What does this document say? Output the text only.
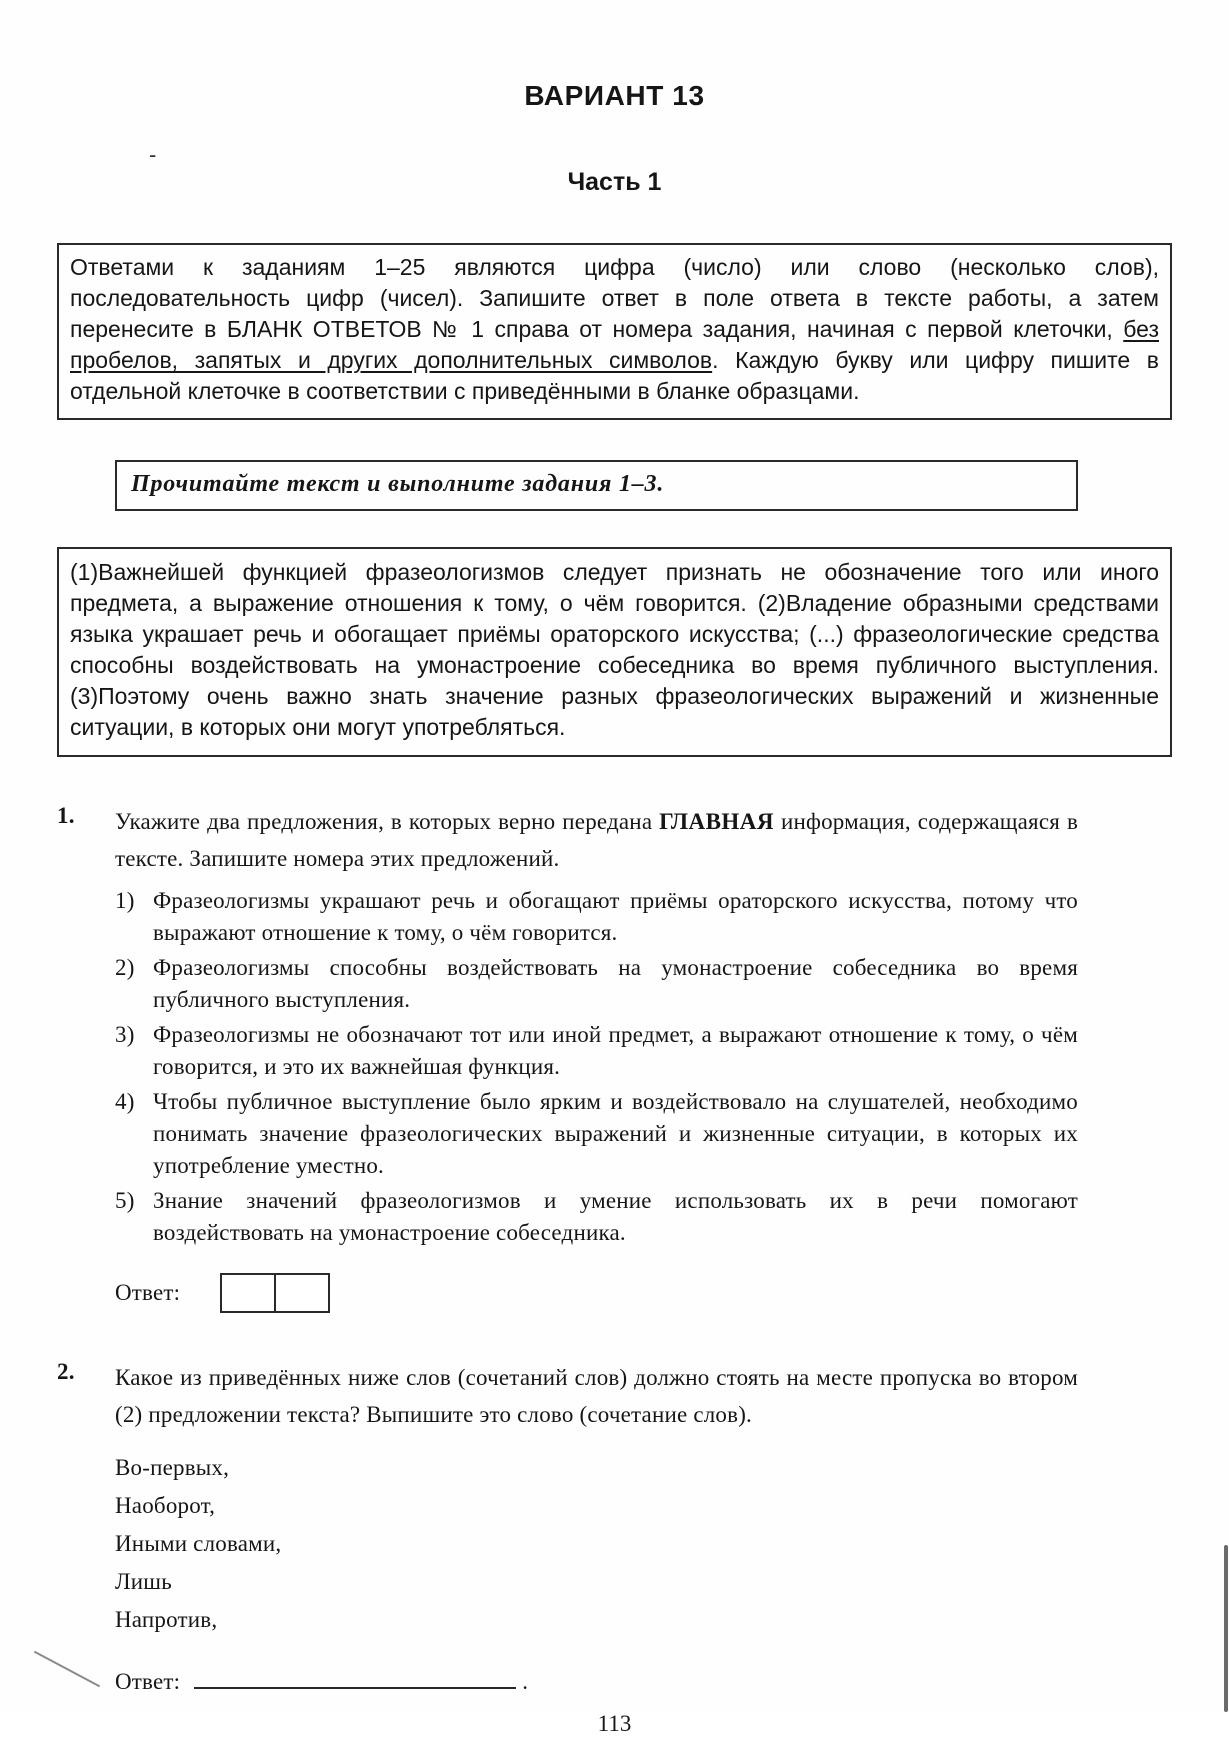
ВАРИАНТ 13
-
Часть 1
Ответами к заданиям 1–25 являются цифра (число) или слово (несколько слов), последовательность цифр (чисел). Запишите ответ в поле ответа в тексте работы, а затем перенесите в БЛАНК ОТВЕТОВ № 1 справа от номера задания, начиная с первой клеточки, без пробелов, запятых и других дополнительных символов. Каждую букву или цифру пишите в отдельной клеточке в соответствии с приведёнными в бланке образцами.
Прочитайте текст и выполните задания 1–3.
(1)Важнейшей функцией фразеологизмов следует признать не обозначение того или иного предмета, а выражение отношения к тому, о чём говорится. (2)Владение образными средствами языка украшает речь и обогащает приёмы ораторского искусства; (...) фразеологические средства способны воздействовать на умонастроение собеседника во время публичного выступления. (3)Поэтому очень важно знать значение разных фразеологических выражений и жизненные ситуации, в которых они могут употребляться.
1.	Укажите два предложения, в которых верно передана ГЛАВНАЯ информация, содержащаяся в тексте. Запишите номера этих предложений.

1) Фразеологизмы украшают речь и обогащают приёмы ораторского искусства, потому что выражают отношение к тому, о чём говорится.
2) Фразеологизмы способны воздействовать на умонастроение собеседника во время публичного выступления.
3) Фразеологизмы не обозначают тот или иной предмет, а выражают отношение к тому, о чём говорится, и это их важнейшая функция.
4) Чтобы публичное выступление было ярким и воздействовало на слушателей, необходимо понимать значение фразеологических выражений и жизненные ситуации, в которых их употребление уместно.
5) Знание значений фразеологизмов и умение использовать их в речи помогают воздействовать на умонастроение собеседника.
Ответ:
2.	Какое из приведённых ниже слов (сочетаний слов) должно стоять на месте пропуска во втором (2) предложении текста? Выпишите это слово (сочетание слов).

Во-первых,
Наоборот,
Иными словами,
Лишь
Напротив,
Ответ:	.
113
